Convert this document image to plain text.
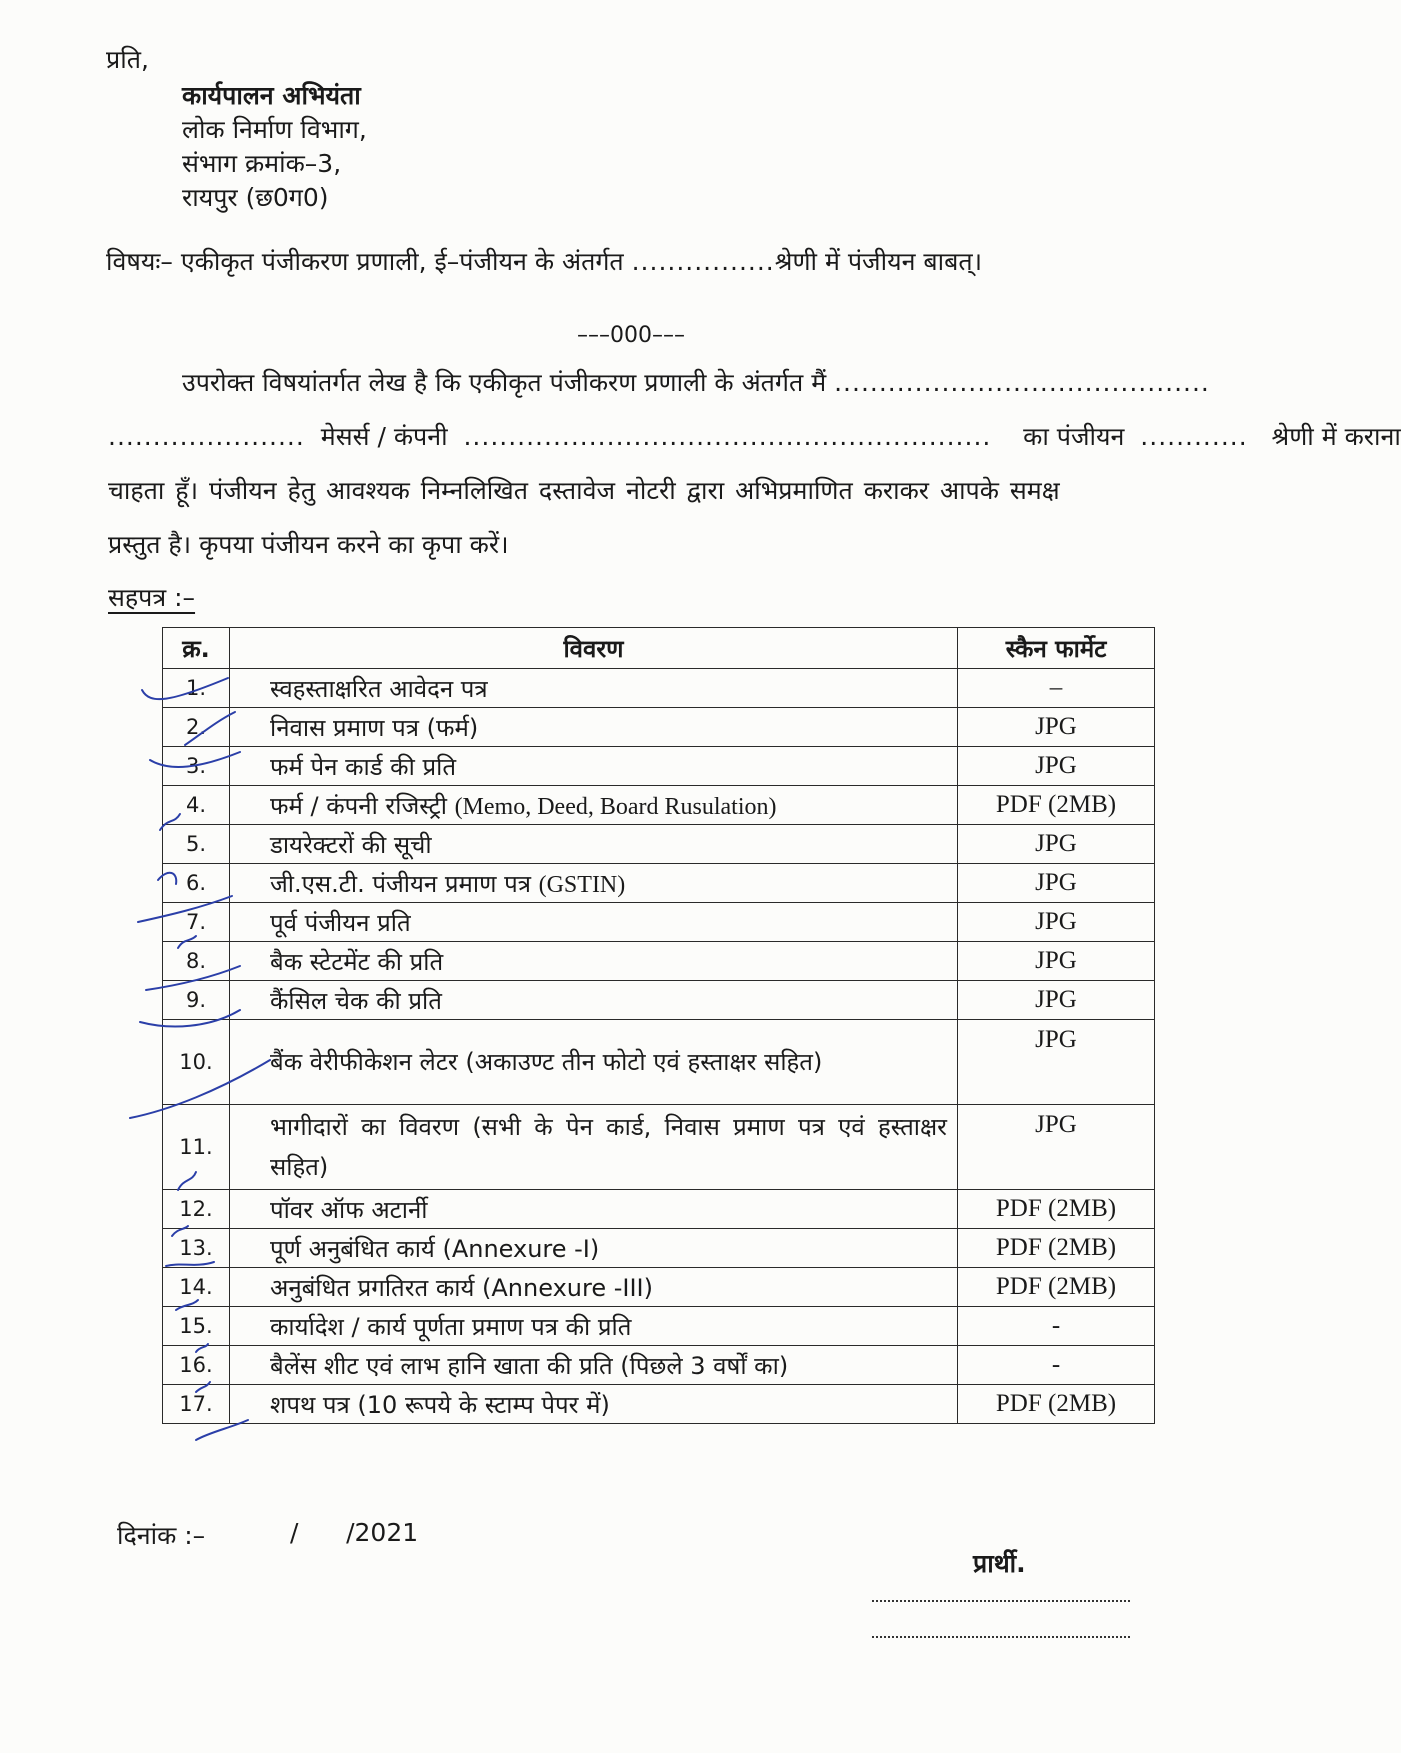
प्रति,
कार्यपालन अभियंता
लोक निर्माण विभाग,
संभाग क्रमांक–3,
रायपुर (छ0ग0)
विषयः– एकीकृत पंजीकरण प्रणाली, ई–पंजीयन के अंतर्गत ................श्रेणी में पंजीयन बाबत्।
–––000–––
उपरोक्त विषयांतर्गत लेख है कि एकीकृत पंजीकरण प्रणाली के अंतर्गत मैं ..........................................
...................... मेसर्स / कंपनी ........................................................... का पंजीयन ............ श्रेणी में कराना
चाहता हूँ। पंजीयन हेतु आवश्यक निम्नलिखित दस्तावेज नोटरी द्वारा अभिप्रमाणित कराकर आपके समक्ष
प्रस्तुत है। कृपया पंजीयन करने का कृपा करें।
सहपत्र :–
क्र.	विवरण	स्कैन फार्मेट
1.	स्वहस्ताक्षरित आवेदन पत्र	–
2.	निवास प्रमाण पत्र (फर्म)	JPG
3.	फर्म पेन कार्ड की प्रति	JPG
4.	फर्म / कंपनी रजिस्ट्री (Memo, Deed, Board Rusulation)	PDF (2MB)
5.	डायरेक्टरों की सूची	JPG
6.	जी.एस.टी. पंजीयन प्रमाण पत्र (GSTIN)	JPG
7.	पूर्व पंजीयन प्रति	JPG
8.	बैक स्टेटमेंट की प्रति	JPG
9.	कैंसिल चेक की प्रति	JPG
10.	बैंक वेरीफीकेशन लेटर (अकाउण्ट तीन फोटो एवं हस्ताक्षर सहित)	JPG
11.	भागीदारों का विवरण (सभी के पेन कार्ड, निवास प्रमाण पत्र एवं हस्ताक्षर सहित)	JPG
12.	पॉवर ऑफ अटार्नी	PDF (2MB)
13.	पूर्ण अनुबंधित कार्य (Annexure -I)	PDF (2MB)
14.	अनुबंधित प्रगतिरत कार्य (Annexure -III)	PDF (2MB)
15.	कार्यादेश / कार्य पूर्णता प्रमाण पत्र की प्रति	-
16.	बैलेंस शीट एवं लाभ हानि खाता की प्रति (पिछले 3 वर्षों का)	-
17.	शपथ पत्र (10 रूपये के स्टाम्प पेपर में)	PDF (2MB)
दिनांक :–	/      /2021
प्रार्थी.
